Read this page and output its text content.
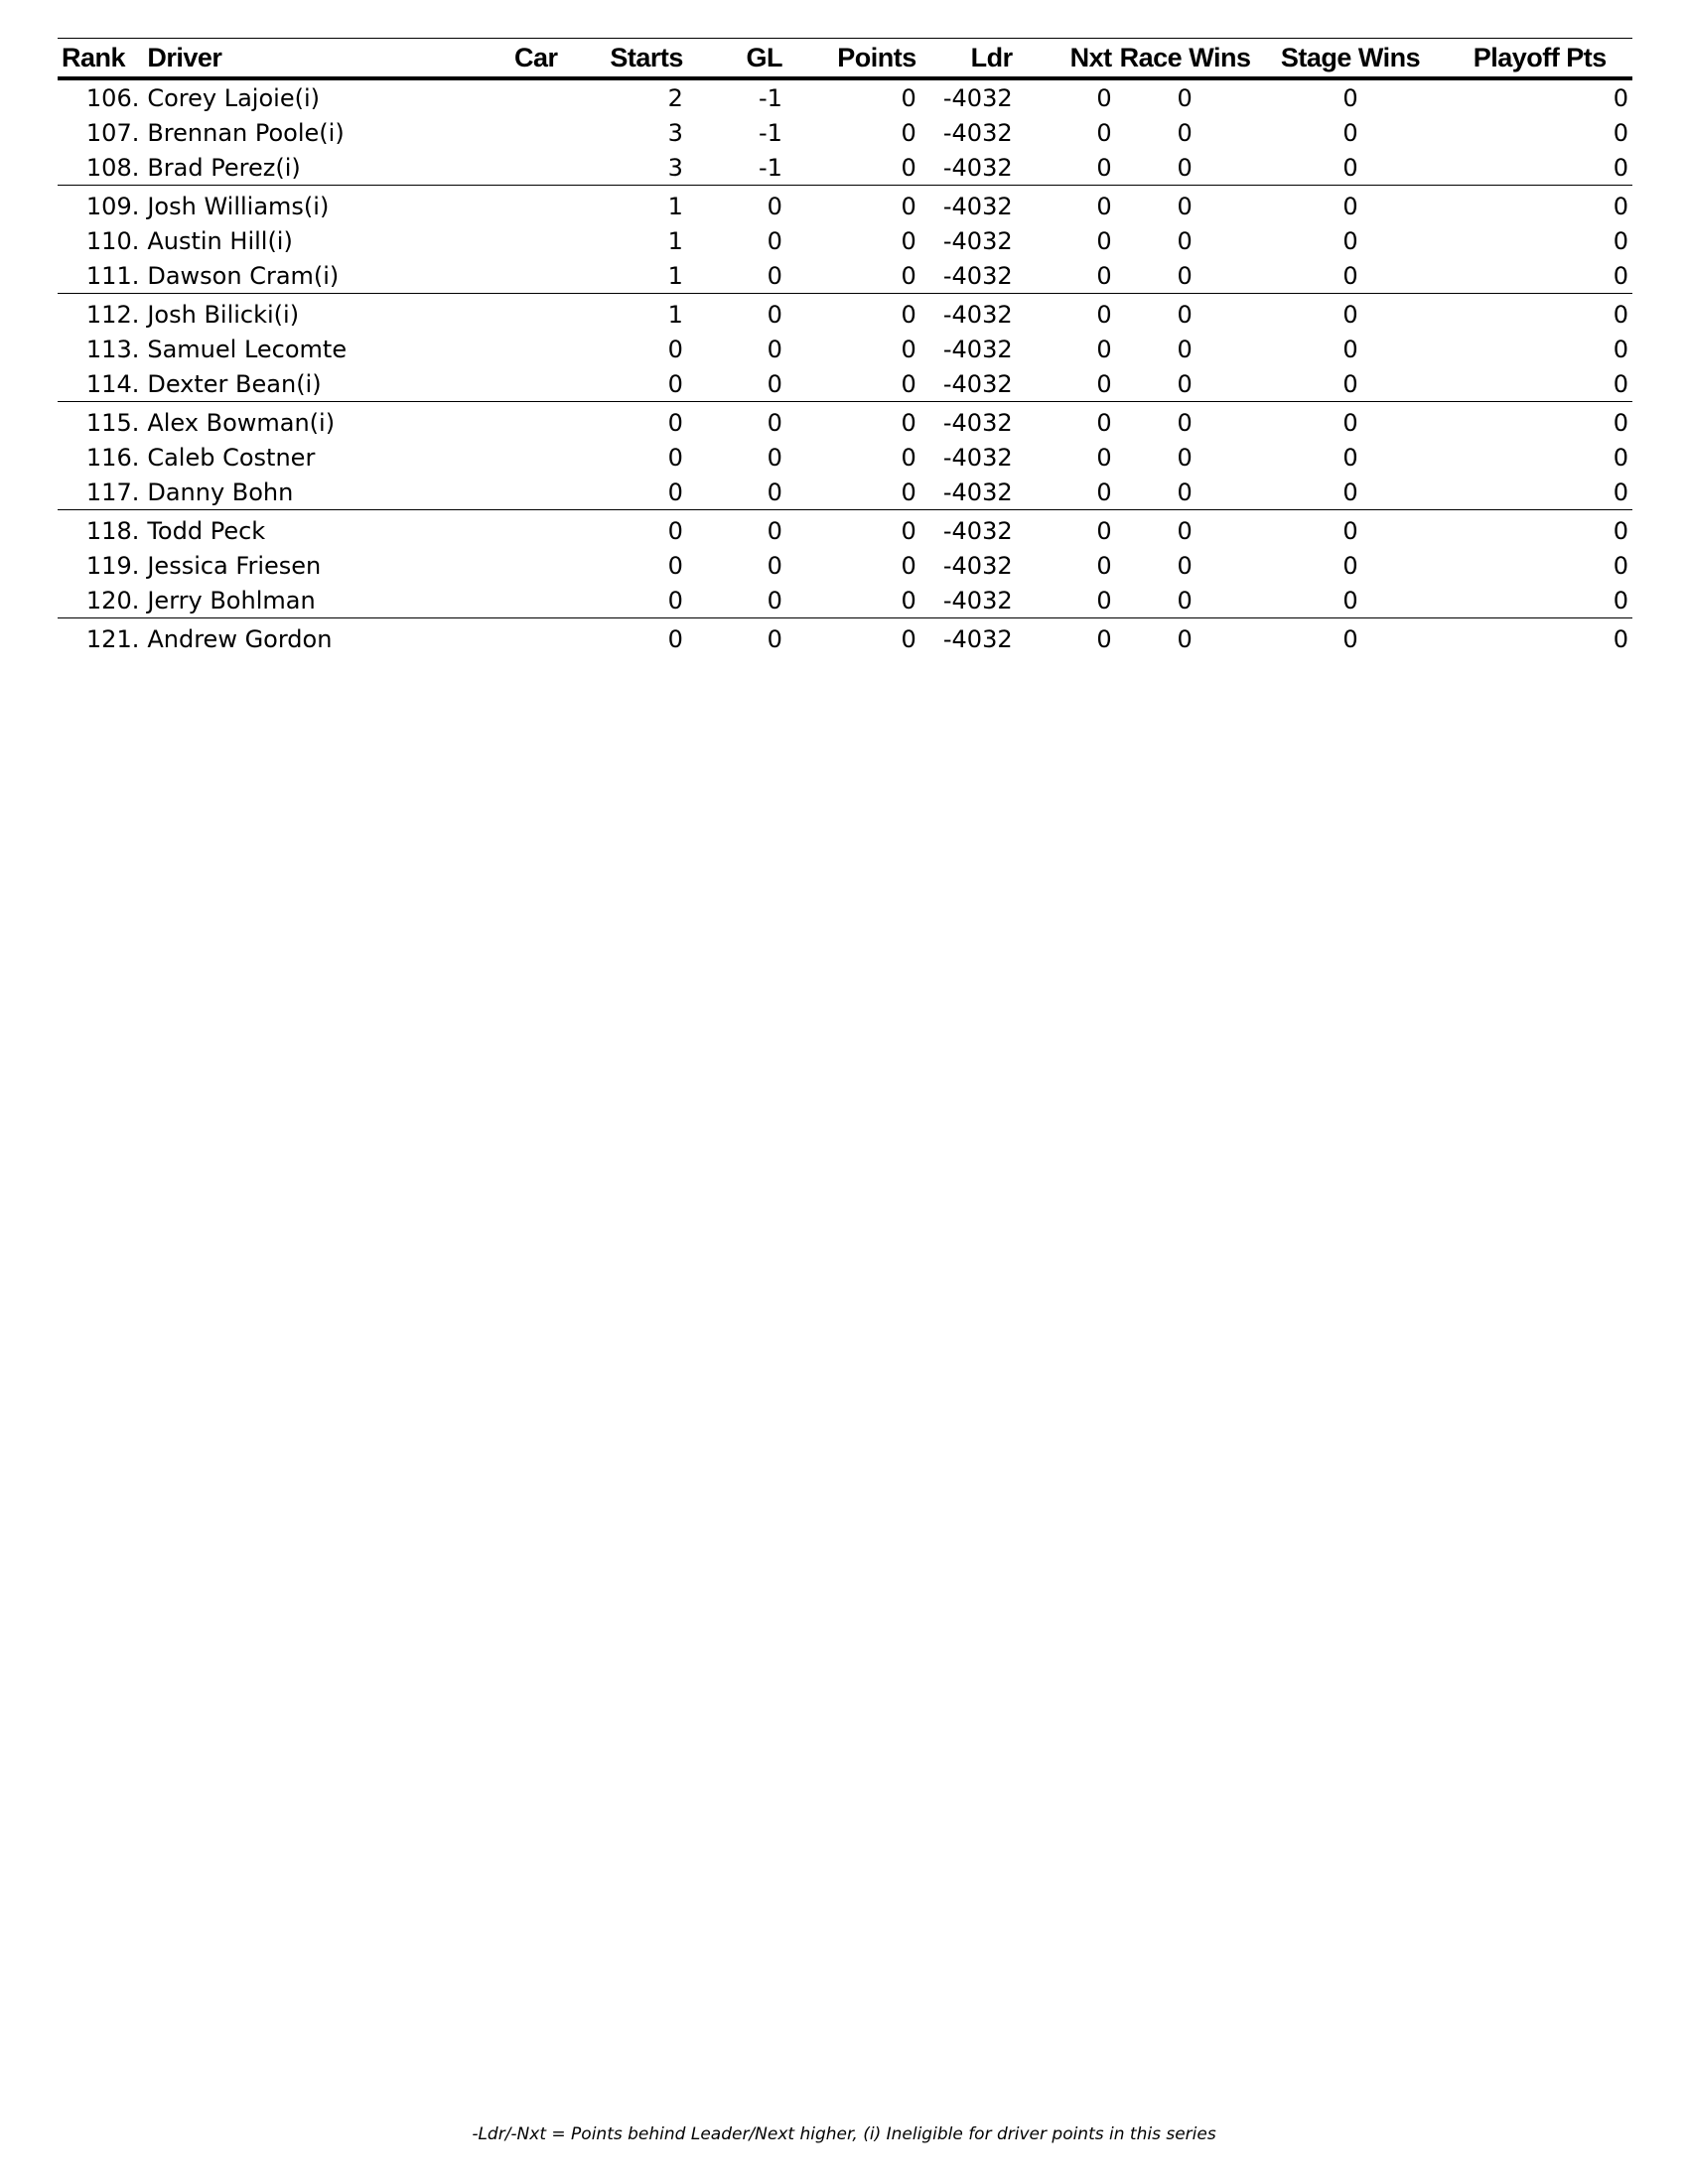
Rank	Driver	Car	Starts	GL	Points	Ldr	Nxt	Race Wins	Stage Wins	Playoff Pts
106.	Corey Lajoie(i)		2	-1	0	-4032	0	0	0	0
107.	Brennan Poole(i)		3	-1	0	-4032	0	0	0	0
108.	Brad Perez(i)		3	-1	0	-4032	0	0	0	0
109.	Josh Williams(i)		1	0	0	-4032	0	0	0	0
110.	Austin Hill(i)		1	0	0	-4032	0	0	0	0
111.	Dawson Cram(i)		1	0	0	-4032	0	0	0	0
112.	Josh Bilicki(i)		1	0	0	-4032	0	0	0	0
113.	Samuel Lecomte		0	0	0	-4032	0	0	0	0
114.	Dexter Bean(i)		0	0	0	-4032	0	0	0	0
115.	Alex Bowman(i)		0	0	0	-4032	0	0	0	0
116.	Caleb Costner		0	0	0	-4032	0	0	0	0
117.	Danny Bohn		0	0	0	-4032	0	0	0	0
118.	Todd Peck		0	0	0	-4032	0	0	0	0
119.	Jessica Friesen		0	0	0	-4032	0	0	0	0
120.	Jerry Bohlman		0	0	0	-4032	0	0	0	0
121.	Andrew Gordon		0	0	0	-4032	0	0	0	0
-Ldr/-Nxt = Points behind Leader/Next higher, (i) Ineligible for driver points in this series
